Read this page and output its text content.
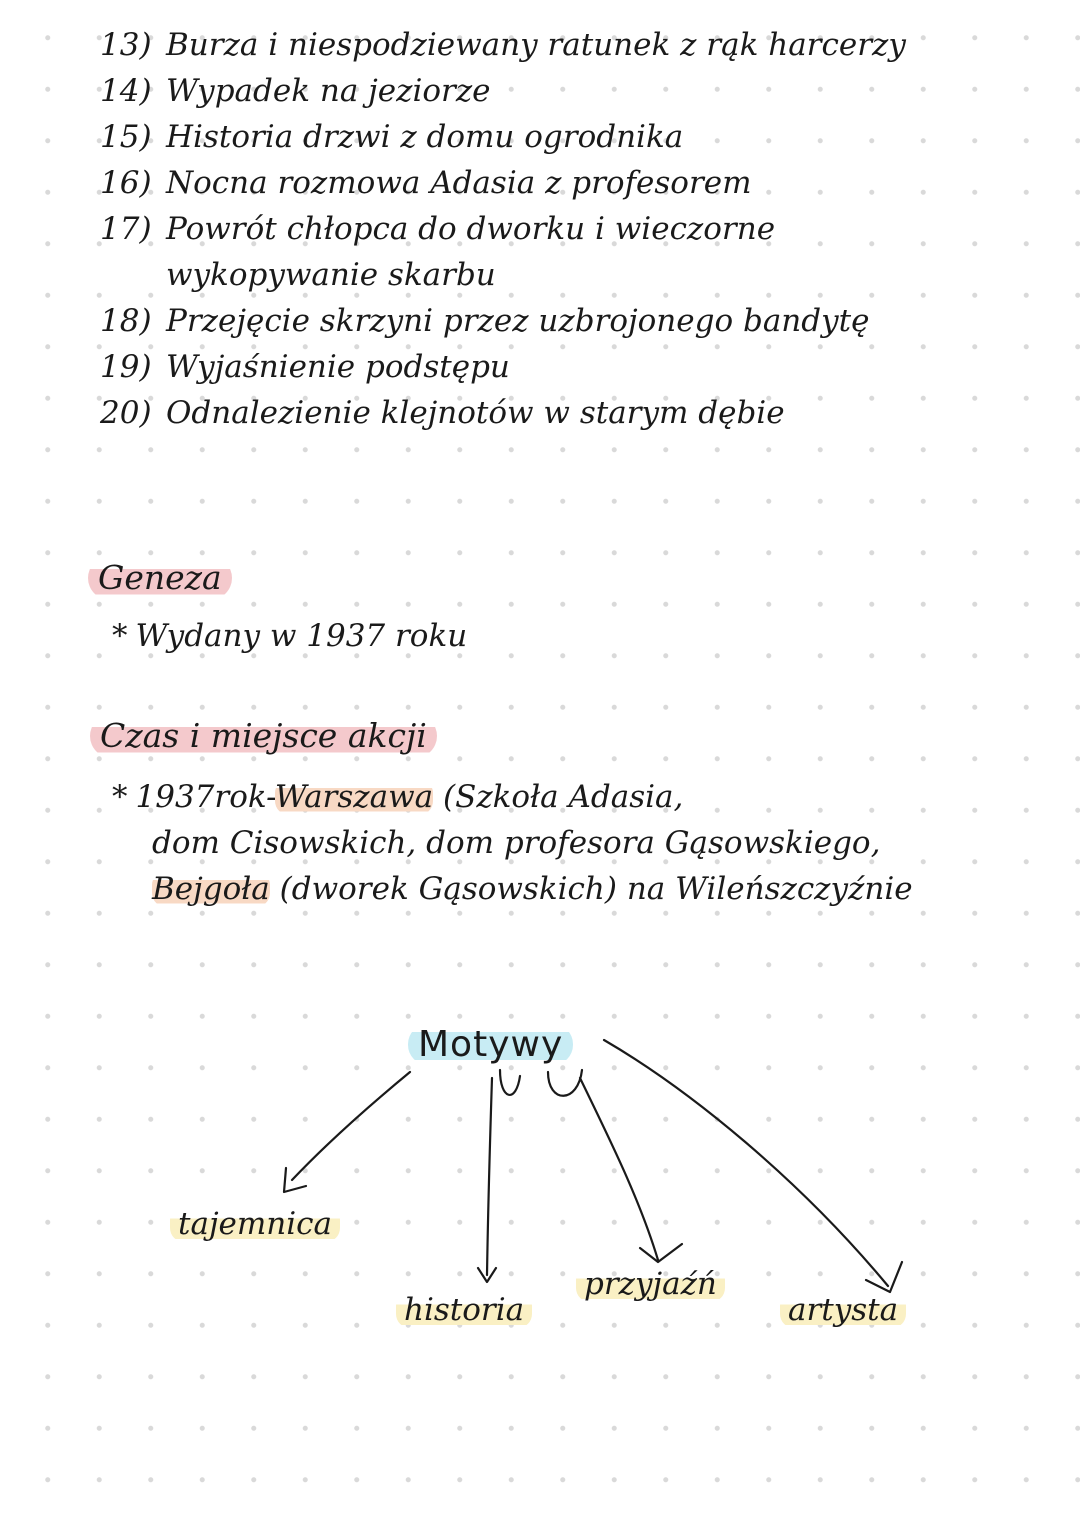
13) Burza i niespodziewany ratunek z rąk harcerzy
14) Wypadek na jeziorze
15) Historia drzwi z domu ogrodnika
16) Nocna rozmowa Adasia z profesorem
17) Powrót chłopca do dworku i wieczorne wykopywanie skarbu
18) Przejęcie skrzyni przez uzbrojonego bandytę
19) Wyjaśnienie podstępu
20) Odnalezienie klejnotów w starym dębie
Geneza
* Wydany w 1937 roku
Czas i miejsce akcji
* 1937rok-Warszawa (Szkoła Adasia,
dom Cisowskich, dom profesora Gąsowskiego,
Bejgoła (dworek Gąsowskich) na Wileńszczyźnie
Motywy
tajemnica
historia
przyjaźń
artysta
